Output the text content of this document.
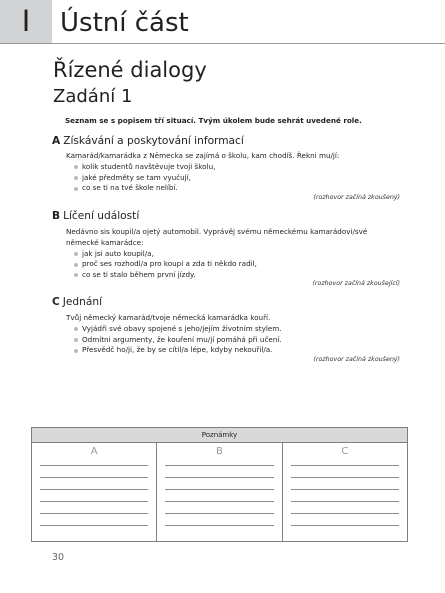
I	Ústní část
Řízené dialogy
Zadání 1
Seznam se s popisem tří situací. Tvým úkolem bude sehrát uvedené role.
A Získávání a poskytování informací
Kamarád/kamarádka z Německa se zajímá o školu, kam chodíš. Řekni mu/jí:
kolik studentů navštěvuje tvoji školu,
jaké předměty se tam vyučují,
co se ti na tvé škole nelíbí.
(rozhovor začíná zkoušený)
B Líčení událostí
Nedávno sis koupil/a ojetý automobil. Vyprávěj svému německému kamarádovi/své německé kamarádce:
jak jsi auto koupil/a,
proč ses rozhodl/a pro koupi a zda ti někdo radil,
co se ti stalo během první jízdy.
(rozhovor začíná zkoušející)
C Jednání
Tvůj německý kamarád/tvoje německá kamarádka kouří.
Vyjádři své obavy spojené s jeho/jejím životním stylem.
Odmítni argumenty, že kouření mu/jí pomáhá při učení.
Přesvědč ho/ji, že by se cítil/a lépe, kdyby nekouřil/a.
(rozhovor začíná zkoušený)
Poznámky
A	B	C
30
